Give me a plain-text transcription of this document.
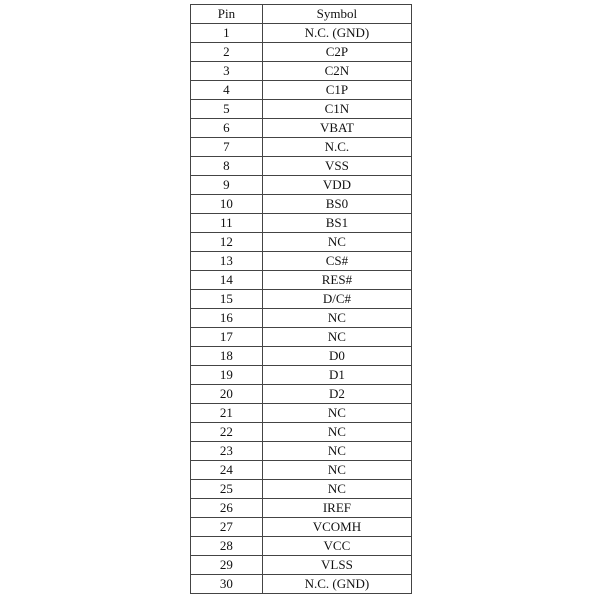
Pin	Symbol
1	N.C. (GND)
2	C2P
3	C2N
4	C1P
5	C1N
6	VBAT
7	N.C.
8	VSS
9	VDD
10	BS0
11	BS1
12	NC
13	CS#
14	RES#
15	D/C#
16	NC
17	NC
18	D0
19	D1
20	D2
21	NC
22	NC
23	NC
24	NC
25	NC
26	IREF
27	VCOMH
28	VCC
29	VLSS
30	N.C. (GND)
